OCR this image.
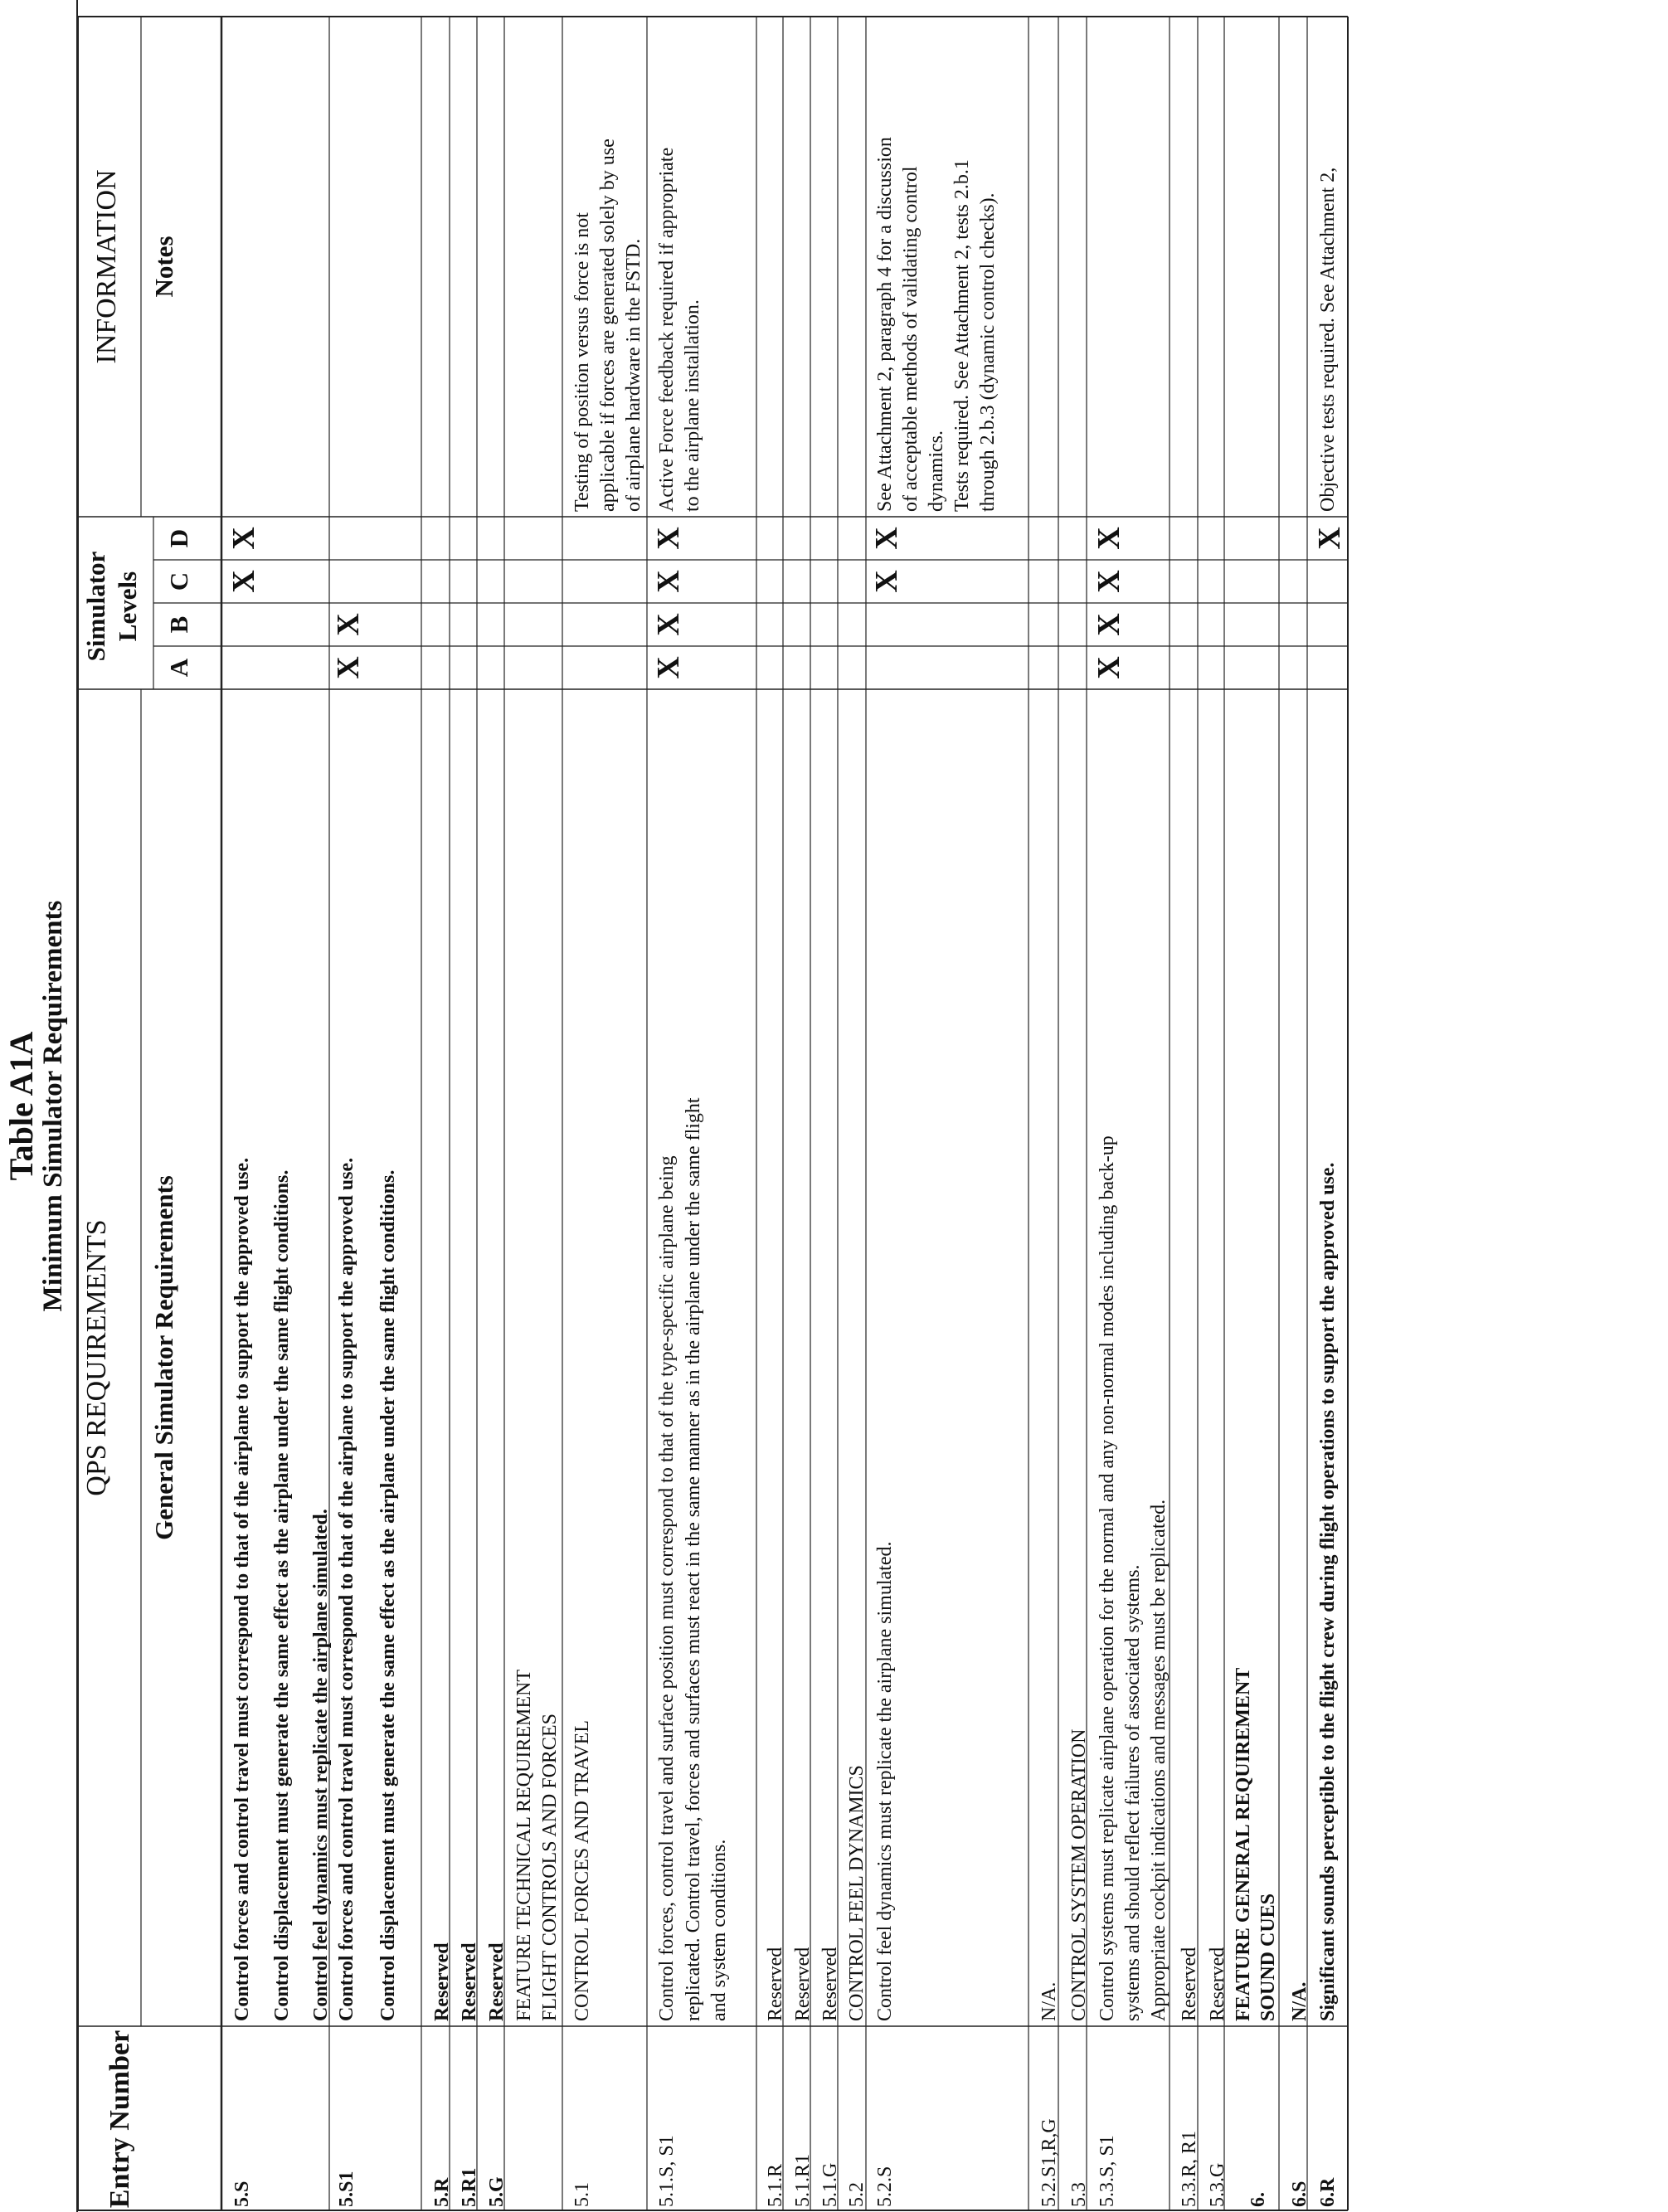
Table A1A
Minimum Simulator Requirements
Entry Number
QPS REQUIREMENTS General Simulator Requirements
Simulator Levels
A
B
C
D
INFORMATION Notes
5.S
Control forces and control travel must correspond to that of the airplane to support the approved use. Control displacement must generate the same effect as the airplane under the same flight conditions. Control feel dynamics must replicate the airplane simulated.
X
X
5.S1
Control forces and control travel must correspond to that of the airplane to support the approved use. Control displacement must generate the same effect as the airplane under the same flight conditions.
X
X
5.R
Reserved
5.R1
Reserved
5.G
Reserved FEATURE TECHNICAL REQUIREMENT FLIGHT CONTROLS AND FORCES
5.1
CONTROL FORCES AND TRAVEL
Testing of position versus force is not applicable if forces are generated solely by use of airplane hardware in the FSTD.
5.1.S, S1
Control forces, control travel and surface position must correspond to that of the type-specific airplane being replicated. Control travel, forces and surfaces must react in the same manner as in the airplane under the same flight and system conditions.
X
X
X
X
Active Force feedback required if appropriate to the airplane installation.
5.1.R
Reserved
5.1.R1
Reserved
5.1.G
Reserved
5.2
CONTROL FEEL DYNAMICS
5.2.S
Control feel dynamics must replicate the airplane simulated.
X
X
See Attachment 2, paragraph 4 for a discussion of acceptable methods of validating control dynamics. Tests required. See Attachment 2, tests 2.b.1 through 2.b.3 (dynamic control checks).
5.2.S1,R,G
N/A.
5.3
CONTROL SYSTEM OPERATION
5.3.S, S1
Control systems must replicate airplane operation for the normal and any non-normal modes including back-up systems and should reflect failures of associated systems. Appropriate cockpit indications and messages must be replicated.
X
X
X
X
5.3.R, R1
Reserved
5.3.G
Reserved
6.
FEATURE GENERAL REQUIREMENT SOUND CUES
6.S
N/A.
6.R
Significant sounds perceptible to the flight crew during flight operations to support the approved use.
X
Objective tests required. See Attachment 2,
